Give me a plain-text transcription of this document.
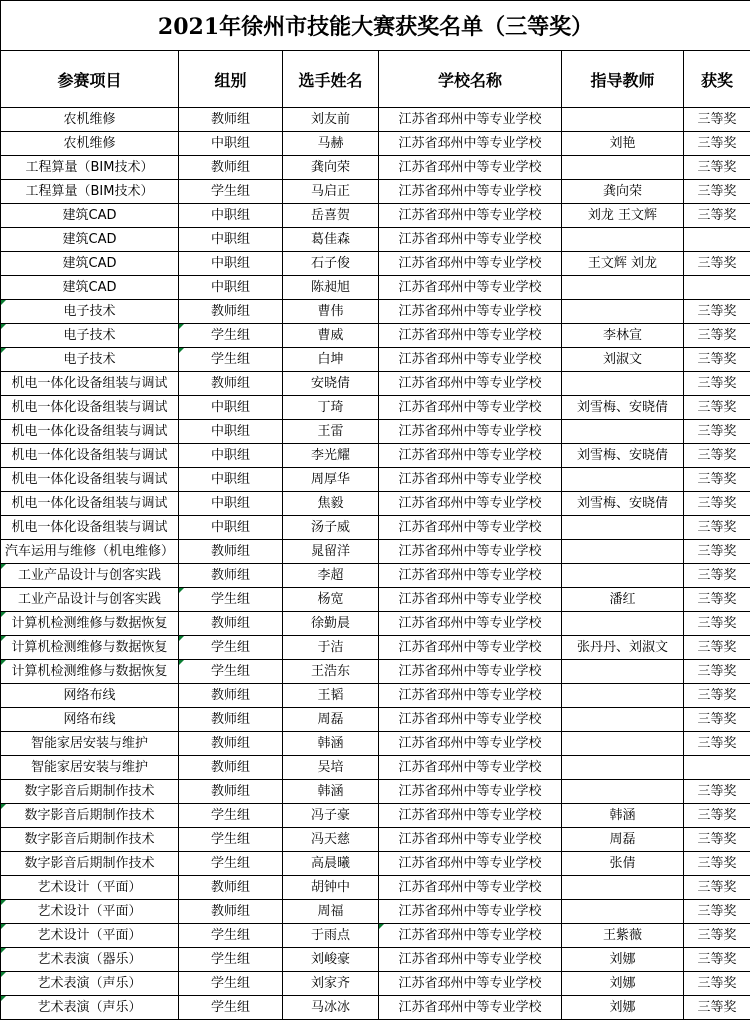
2021年徐州市技能大赛获奖名单（三等奖）					
参赛项目	组别	选手姓名	学校名称	指导教师	获奖
农机维修	教师组	刘友前	江苏省邳州中等专业学校		三等奖
农机维修	中职组	马赫	江苏省邳州中等专业学校	刘艳	三等奖
工程算量（BIM技术）	教师组	龚向荣	江苏省邳州中等专业学校		三等奖
工程算量（BIM技术）	学生组	马启正	江苏省邳州中等专业学校	龚向荣	三等奖
建筑CAD	中职组	岳喜贺	江苏省邳州中等专业学校	刘龙 王文辉	三等奖
建筑CAD	中职组	葛佳森	江苏省邳州中等专业学校		
建筑CAD	中职组	石子俊	江苏省邳州中等专业学校	王文辉 刘龙	三等奖
建筑CAD	中职组	陈昶旭	江苏省邳州中等专业学校		
电子技术	教师组	曹伟	江苏省邳州中等专业学校		三等奖
电子技术	学生组	曹威	江苏省邳州中等专业学校	李林宣	三等奖
电子技术	学生组	白坤	江苏省邳州中等专业学校	刘淑文	三等奖
机电一体化设备组装与调试	教师组	安晓倩	江苏省邳州中等专业学校		三等奖
机电一体化设备组装与调试	中职组	丁琦	江苏省邳州中等专业学校	刘雪梅、安晓倩	三等奖
机电一体化设备组装与调试	中职组	王雷	江苏省邳州中等专业学校		三等奖
机电一体化设备组装与调试	中职组	李光耀	江苏省邳州中等专业学校	刘雪梅、安晓倩	三等奖
机电一体化设备组装与调试	中职组	周厚华	江苏省邳州中等专业学校		三等奖
机电一体化设备组装与调试	中职组	焦毅	江苏省邳州中等专业学校	刘雪梅、安晓倩	三等奖
机电一体化设备组装与调试	中职组	汤子威	江苏省邳州中等专业学校		三等奖
汽车运用与维修（机电维修）	教师组	晁留洋	江苏省邳州中等专业学校		三等奖
工业产品设计与创客实践	教师组	李超	江苏省邳州中等专业学校		三等奖
工业产品设计与创客实践	学生组	杨宽	江苏省邳州中等专业学校	潘红	三等奖
计算机检测维修与数据恢复	教师组	徐勤晨	江苏省邳州中等专业学校		三等奖
计算机检测维修与数据恢复	学生组	于洁	江苏省邳州中等专业学校	张丹丹、刘淑文	三等奖
计算机检测维修与数据恢复	学生组	王浩东	江苏省邳州中等专业学校		三等奖
网络布线	教师组	王韬	江苏省邳州中等专业学校		三等奖
网络布线	教师组	周磊	江苏省邳州中等专业学校		三等奖
智能家居安装与维护	教师组	韩涵	江苏省邳州中等专业学校		三等奖
智能家居安装与维护	教师组	吴培	江苏省邳州中等专业学校		
数字影音后期制作技术	教师组	韩涵	江苏省邳州中等专业学校		三等奖
数字影音后期制作技术	学生组	冯子豪	江苏省邳州中等专业学校	韩涵	三等奖
数字影音后期制作技术	学生组	冯天慈	江苏省邳州中等专业学校	周磊	三等奖
数字影音后期制作技术	学生组	高晨曦	江苏省邳州中等专业学校	张倩	三等奖
艺术设计（平面）	教师组	胡钟中	江苏省邳州中等专业学校		三等奖
艺术设计（平面）	教师组	周福	江苏省邳州中等专业学校		三等奖
艺术设计（平面）	学生组	于雨点	江苏省邳州中等专业学校	王紫薇	三等奖
艺术表演（器乐）	学生组	刘峻豪	江苏省邳州中等专业学校	刘娜	三等奖
艺术表演（声乐）	学生组	刘家齐	江苏省邳州中等专业学校	刘娜	三等奖
艺术表演（声乐）	学生组	马冰冰	江苏省邳州中等专业学校	刘娜	三等奖
